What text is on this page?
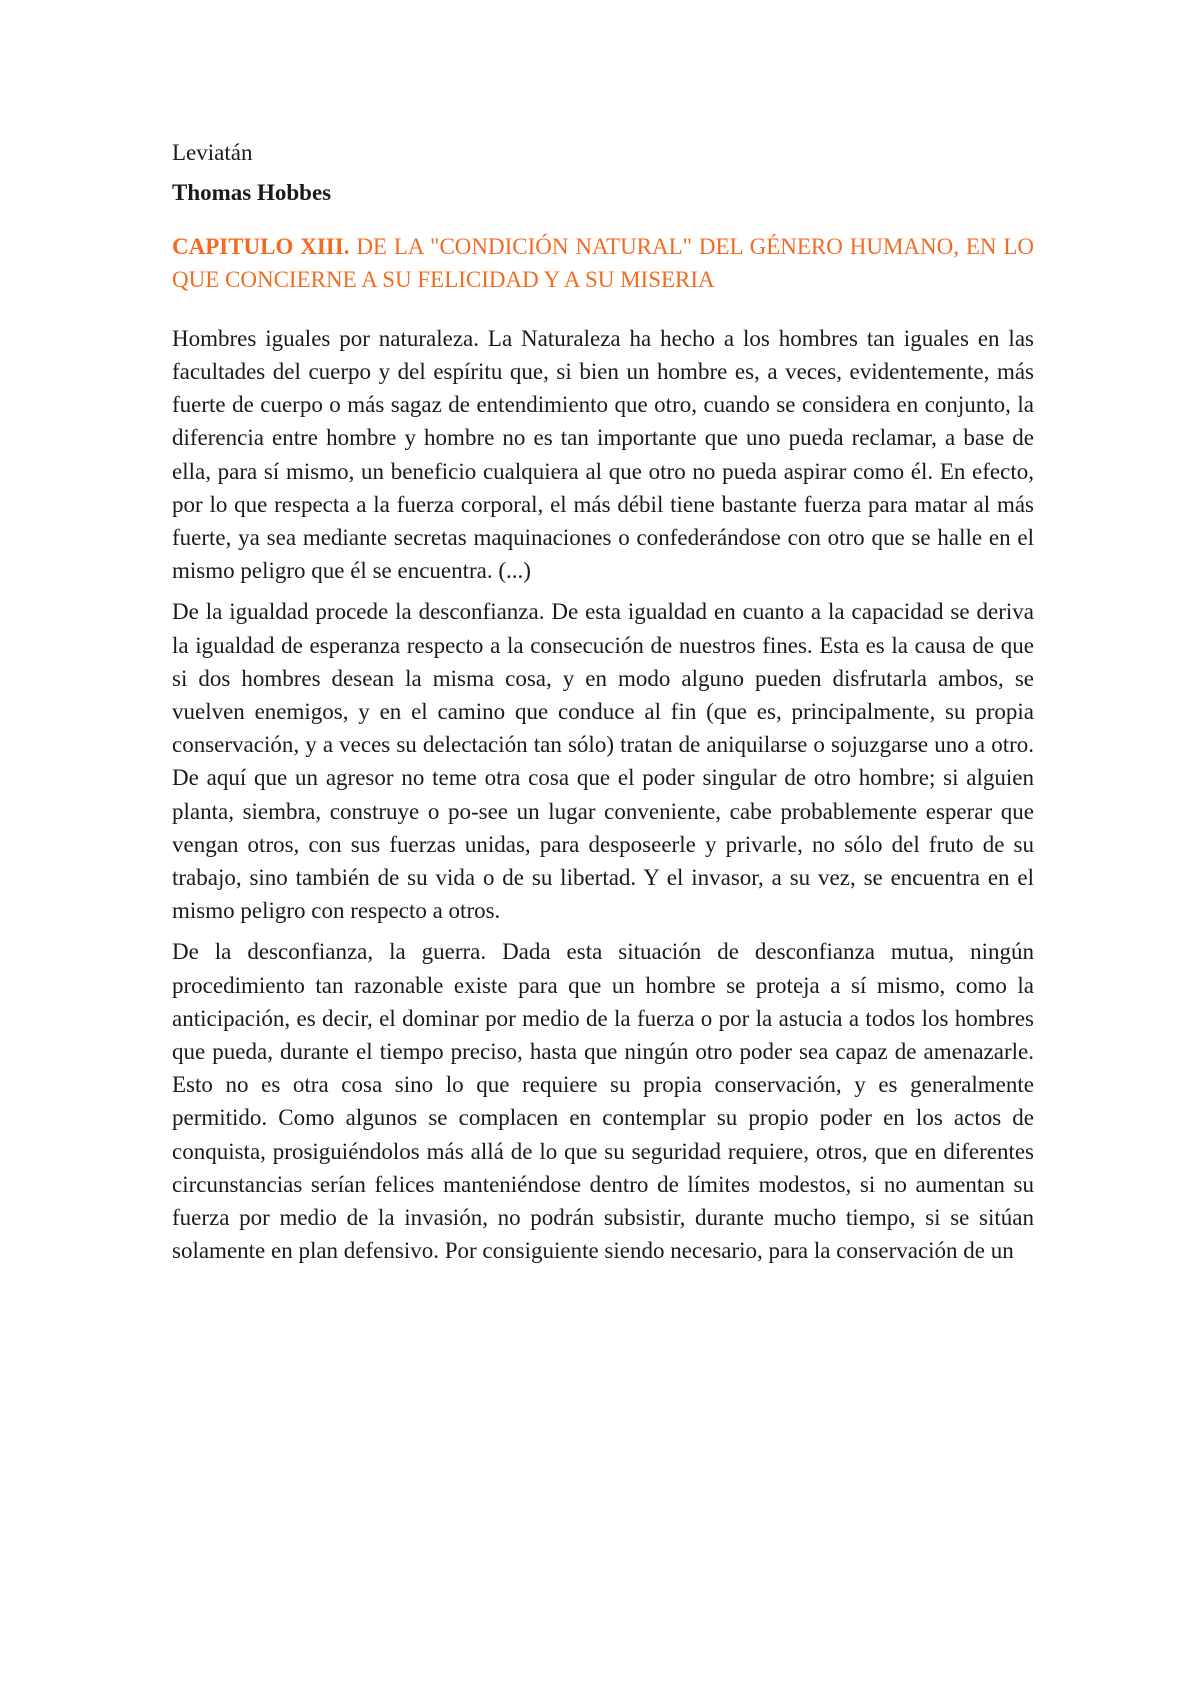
Leviatán
Thomas Hobbes
CAPITULO XIII. DE LA "CONDICIÓN NATURAL" DEL GÉNERO HUMANO, EN LO QUE CONCIERNE A SU FELICIDAD Y A SU MISERIA

Hombres iguales por naturaleza. La Naturaleza ha hecho a los hombres tan iguales en las facultades del cuerpo y del espíritu que, si bien un hombre es, a veces, evidentemente, más fuerte de cuerpo o más sagaz de entendimiento que otro, cuando se considera en conjunto, la diferencia entre hombre y hombre no es tan importante que uno pueda reclamar, a base de ella, para sí mismo, un beneficio cualquiera al que otro no pueda aspirar como él. En efecto, por lo que respecta a la fuerza corporal, el más débil tiene bastante fuerza para matar al más fuerte, ya sea mediante secretas maquinaciones o confederándose con otro que se halle en el mismo peligro que él se encuentra. (...)

De la igualdad procede la desconfianza. De esta igualdad en cuanto a la capacidad se deriva la igualdad de esperanza respecto a la consecución de nuestros fines. Esta es la causa de que si dos hombres desean la misma cosa, y en modo alguno pueden disfrutarla ambos, se vuelven enemigos, y en el camino que conduce al fin (que es, principalmente, su propia conservación, y a veces su delectación tan sólo) tratan de aniquilarse o sojuzgarse uno a otro. De aquí que un agresor no teme otra cosa que el poder singular de otro hombre; si alguien planta, siembra, construye o po-see un lugar conveniente, cabe probablemente esperar que vengan otros, con sus fuerzas unidas, para desposeerle y privarle, no sólo del fruto de su trabajo, sino también de su vida o de su libertad. Y el invasor, a su vez, se encuentra en el mismo peligro con respecto a otros.

De la desconfianza, la guerra. Dada esta situación de desconfianza mutua, ningún procedimiento tan razonable existe para que un hombre se proteja a sí mismo, como la anticipación, es decir, el dominar por medio de la fuerza o por la astucia a todos los hombres que pueda, durante el tiempo preciso, hasta que ningún otro poder sea capaz de amenazarle. Esto no es otra cosa sino lo que requiere su propia conservación, y es generalmente permitido. Como algunos se complacen en contemplar su propio poder en los actos de conquista, prosiguiéndolos más allá de lo que su seguridad requiere, otros, que en diferentes circunstancias serían felices manteniéndose dentro de límites modestos, si no aumentan su fuerza por medio de la invasión, no podrán subsistir, durante mucho tiempo, si se sitúan solamente en plan defensivo. Por consiguiente siendo necesario, para la conservación de un
